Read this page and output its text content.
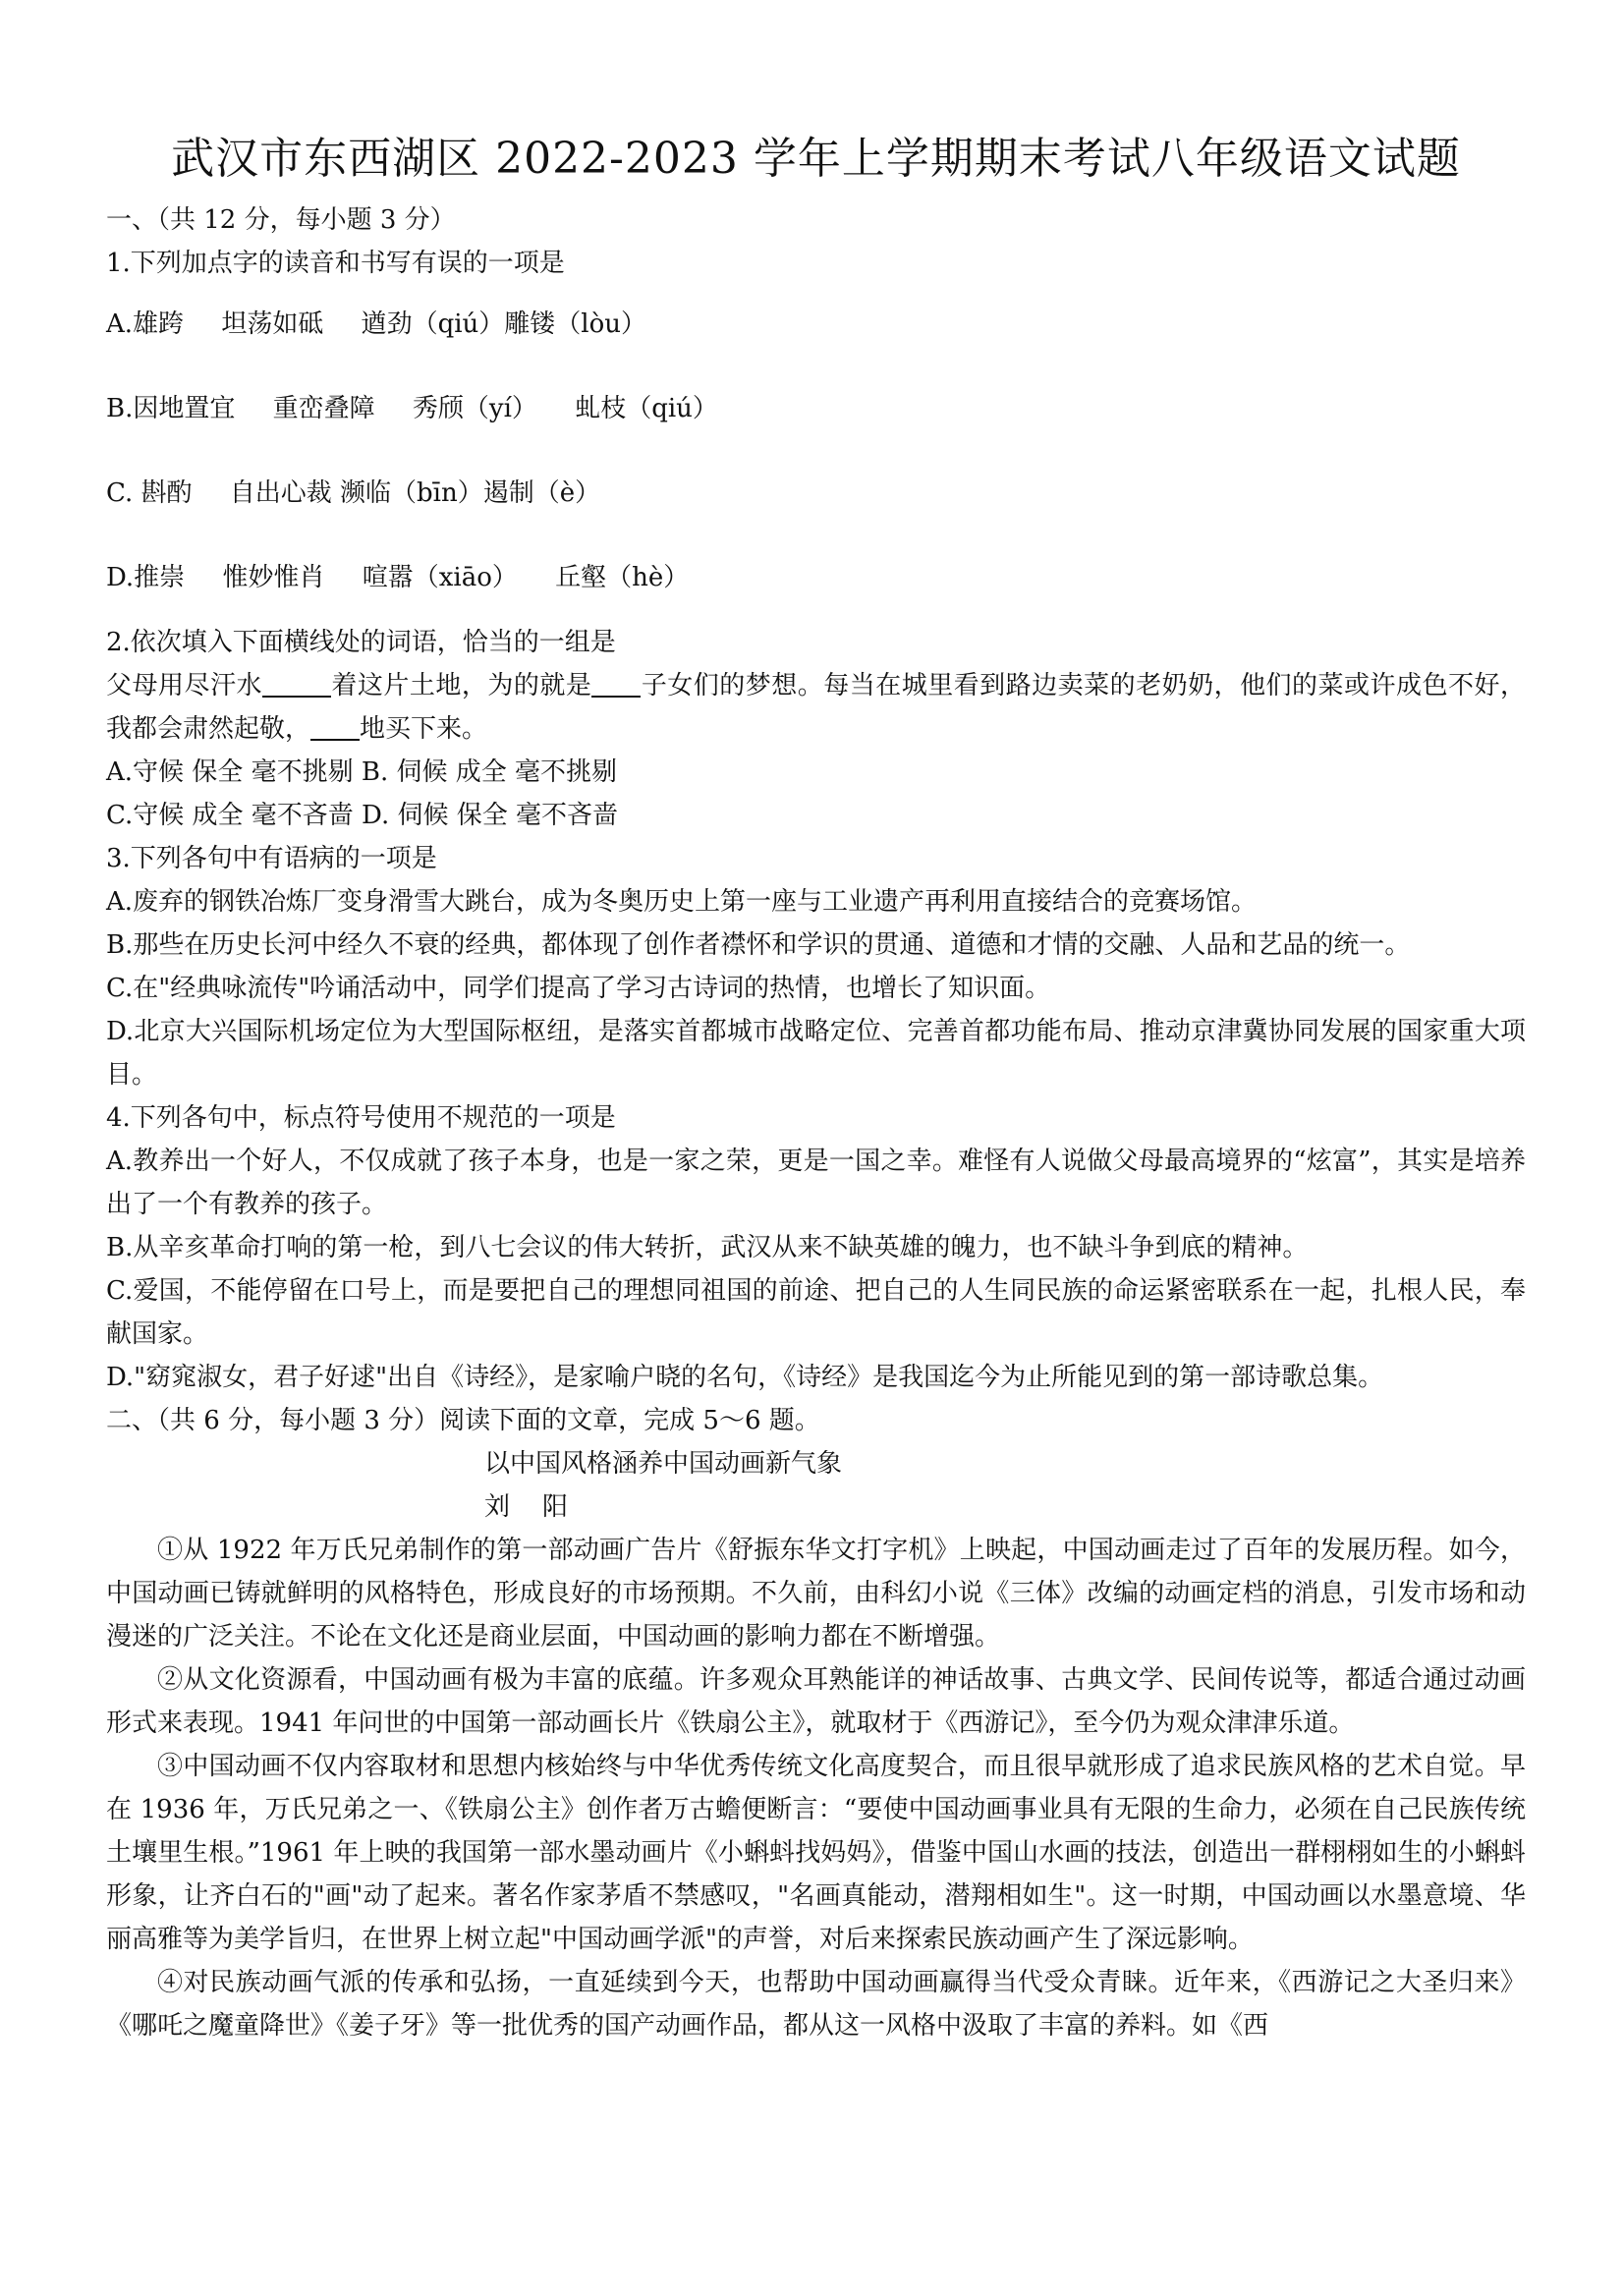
武汉市东西湖区 2022-2023 学年上学期期末考试八年级语文试题
一、（共 12 分，每小题 3 分）
1.下列加点字的读音和书写有误的一项是
A.雄跨 坦荡如砥 遒劲（qiú）雕镂（lòu）
B.因地置宜 重峦叠障 秀颀（yí） 虬枝（qiú）
C. 斟酌 自出心裁 濒临（bīn）遏制（è）
D.推崇 惟妙惟肖 喧嚣（xiāo） 丘壑（hè）
2.依次填入下面横线处的词语，恰当的一组是
父母用尽汗水	着这片土地，为的就是 子女们的梦想。每当在城里看到路边卖菜的老奶奶，他们的菜或许成色不好，我都会肃然起敬， 地买下来。
A.守候 保全 毫不挑剔 B. 伺候 成全 毫不挑剔
C.守候 成全 毫不吝啬 D. 伺候 保全 毫不吝啬
3.下列各句中有语病的一项是
A.废弃的钢铁冶炼厂变身滑雪大跳台，成为冬奥历史上第一座与工业遗产再利用直接结合的竞赛场馆。
B.那些在历史长河中经久不衰的经典，都体现了创作者襟怀和学识的贯通、道德和才情的交融、人品和艺品的统一。
C.在"经典咏流传"吟诵活动中，同学们提高了学习古诗词的热情，也增长了知识面。
D.北京大兴国际机场定位为大型国际枢纽，是落实首都城市战略定位、完善首都功能布局、推动京津冀协同发展的国家重大项目。
4.下列各句中，标点符号使用不规范的一项是
A.教养出一个好人，不仅成就了孩子本身，也是一家之荣，更是一国之幸。难怪有人说做父母最高境界的“炫富”，其实是培养出了一个有教养的孩子。
B.从辛亥革命打响的第一枪，到八七会议的伟大转折，武汉从来不缺英雄的魄力，也不缺斗争到底的精神。
C.爱国，不能停留在口号上，而是要把自己的理想同祖国的前途、把自己的人生同民族的命运紧密联系在一起，扎根人民，奉献国家。
D."窈窕淑女，君子好逑"出自《诗经》，是家喻户晓的名句，《诗经》是我国迄今为止所能见到的第一部诗歌总集。
二、（共 6 分，每小题 3 分）阅读下面的文章，完成 5～6 题。
以中国风格涵养中国动画新气象
刘    阳
①从 1922 年万氏兄弟制作的第一部动画广告片《舒振东华文打字机》上映起，中国动画走过了百年的发展历程。如今，中国动画已铸就鲜明的风格特色，形成良好的市场预期。不久前，由科幻小说《三体》改编的动画定档的消息，引发市场和动漫迷的广泛关注。不论在文化还是商业层面，中国动画的影响力都在不断增强。
②从文化资源看，中国动画有极为丰富的底蕴。许多观众耳熟能详的神话故事、古典文学、民间传说等，都适合通过动画形式来表现。1941 年问世的中国第一部动画长片《铁扇公主》，就取材于《西游记》，至今仍为观众津津乐道。
③中国动画不仅内容取材和思想内核始终与中华优秀传统文化高度契合，而且很早就形成了追求民族风格的艺术自觉。早在 1936 年，万氏兄弟之一、《铁扇公主》创作者万古蟾便断言：“要使中国动画事业具有无限的生命力，必须在自己民族传统土壤里生根。”1961 年上映的我国第一部水墨动画片《小蝌蚪找妈妈》，借鉴中国山水画的技法，创造出一群栩栩如生的小蝌蚪形象，让齐白石的"画"动了起来。著名作家茅盾不禁感叹，"名画真能动，潜翔相如生"。这一时期，中国动画以水墨意境、华丽高雅等为美学旨归，在世界上树立起"中国动画学派"的声誉，对后来探索民族动画产生了深远影响。
④对民族动画气派的传承和弘扬，一直延续到今天，也帮助中国动画赢得当代受众青睐。近年来，《西游记之大圣归来》《哪吒之魔童降世》《姜子牙》等一批优秀的国产动画作品，都从这一风格中汲取了丰富的养料。如《西
